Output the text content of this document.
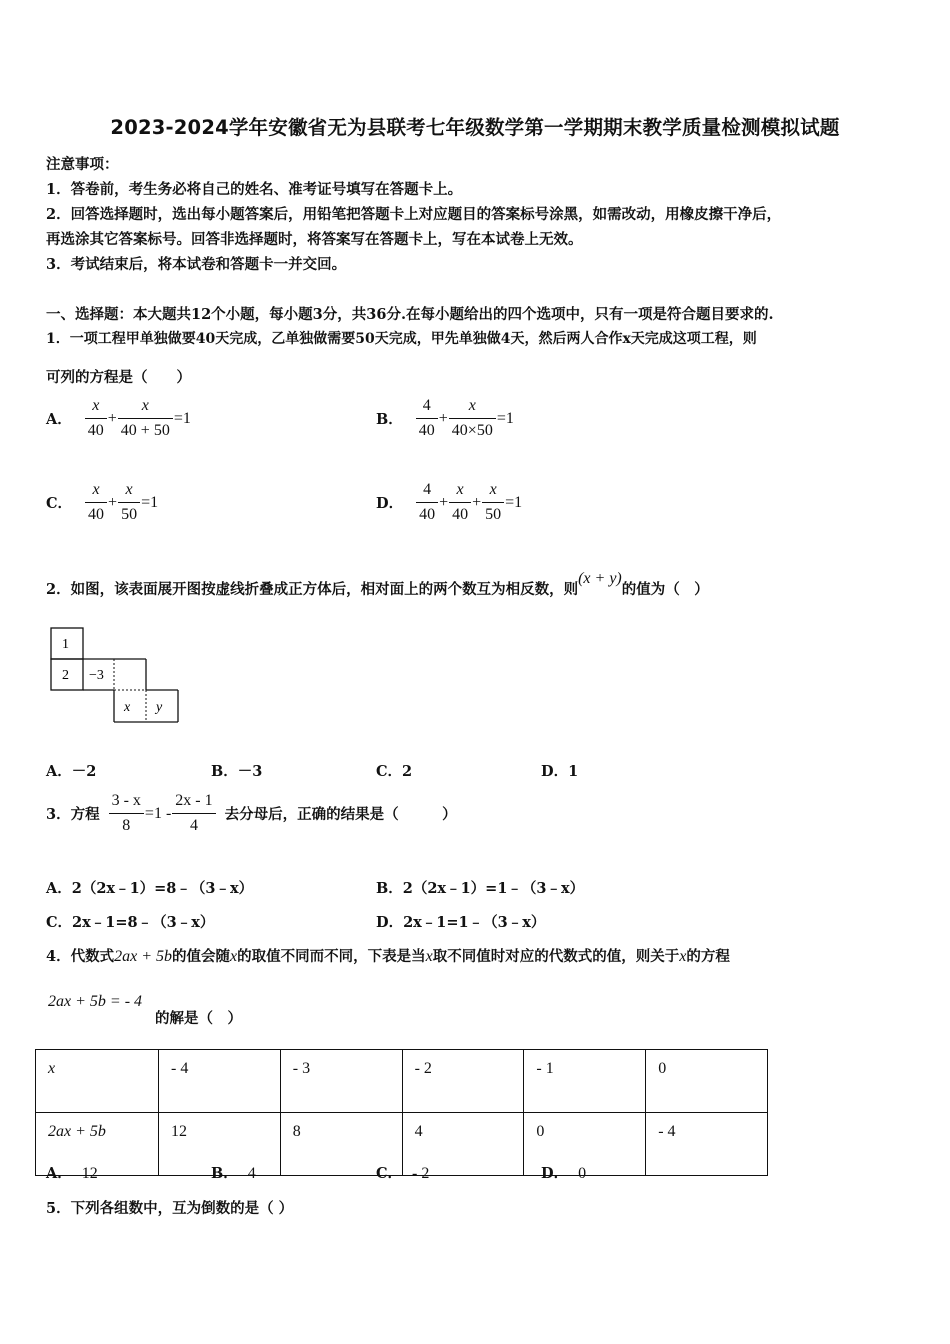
2023-2024学年安徽省无为县联考七年级数学第一学期期末教学质量检测模拟试题
注意事项：
1．答卷前，考生务必将自己的姓名、准考证号填写在答题卡上。
2．回答选择题时，选出每小题答案后，用铅笔把答题卡上对应题目的答案标号涂黑，如需改动，用橡皮擦干净后，
再选涂其它答案标号。回答非选择题时，将答案写在答题卡上，写在本试卷上无效。
3．考试结束后，将本试卷和答题卡一并交回。
一、选择题：本大题共12个小题，每小题3分，共36分.在每小题给出的四个选项中，只有一项是符合题目要求的.
1．一项工程甲单独做要40天完成，乙单独做需要50天完成，甲先单独做4天，然后两人合作x天完成这项工程，则
可列的方程是（　　）
A． $\frac{x}{40} + \frac{x}{40 + 50} =1$	B． $\frac{4}{40} + \frac{x}{40\times 50} =1$
C． $\frac{x}{40} + \frac{x}{50} =1$	D． $\frac{4}{40} + \frac{x}{40} + \frac{x}{50} =1$
2．如图，该表面展开图按虚线折叠成正方体后，相对面上的两个数互为相反数，则(x + y)的值为（　）
1
2 −3
x y
A．－2	B．－3	C．2	D．1
3．方程 $\frac{3 - x}{8} =1 - \frac{2x - 1}{4}$ 去分母后，正确的结果是（　　　）
A．2（2x﹣1）=8﹣（3﹣x）	B．2（2x﹣1）=1﹣（3﹣x）
C．2x﹣1=8﹣（3﹣x）	D．2x﹣1=1﹣（3﹣x）
4．代数式2ax + 5b的值会随x的取值不同而不同，下表是当x取不同值时对应的代数式的值，则关于x的方程
2ax + 5b = - 4
的解是（　）
x	- 4	- 3	- 2	- 1	0
2ax + 5b	12	8	4	0	- 4
A． 12	B． 4	C． - 2	D． 0
5．下列各组数中，互为倒数的是（ ）
